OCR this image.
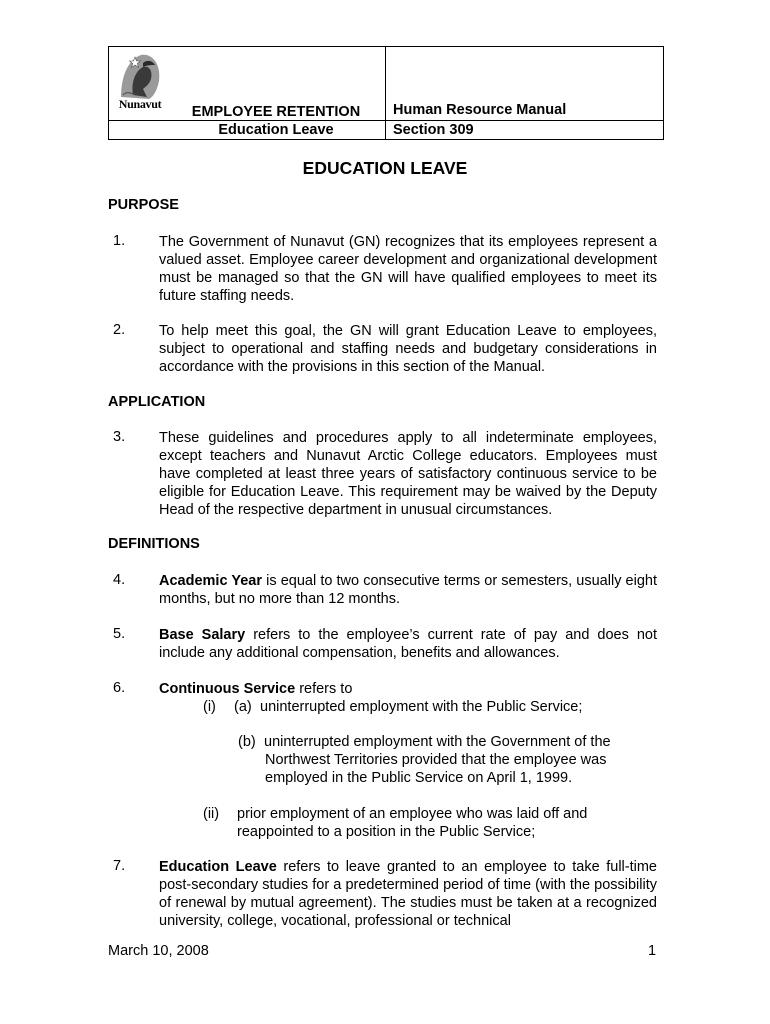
Nunavut	EMPLOYEE RETENTION
Education Leave
Human Resource Manual
Section 309
EDUCATION LEAVE
PURPOSE
1. The Government of Nunavut (GN) recognizes that its employees represent a valued asset. Employee career development and organizational development must be managed so that the GN will have qualified employees to meet its future staffing needs.
2. To help meet this goal, the GN will grant Education Leave to employees, subject to operational and staffing needs and budgetary considerations in accordance with the provisions in this section of the Manual.
APPLICATION
3. These guidelines and procedures apply to all indeterminate employees, except teachers and Nunavut Arctic College educators. Employees must have completed at least three years of satisfactory continuous service to be eligible for Education Leave. This requirement may be waived by the Deputy Head of the respective department in unusual circumstances.
DEFINITIONS
4. Academic Year is equal to two consecutive terms or semesters, usually eight months, but no more than 12 months.
5. Base Salary refers to the employee’s current rate of pay and does not include any additional compensation, benefits and allowances.
6. Continuous Service refers to
(i) (a) uninterrupted employment with the Public Service;
(b) uninterrupted employment with the Government of the
Northwest Territories provided that the employee was
employed in the Public Service on April 1, 1999.
(ii) prior employment of an employee who was laid off and
reappointed to a position in the Public Service;
7. Education Leave refers to leave granted to an employee to take full-time post-secondary studies for a predetermined period of time (with the possibility of renewal by mutual agreement). The studies must be taken at a recognized university, college, vocational, professional or technical
March 10, 2008	1
